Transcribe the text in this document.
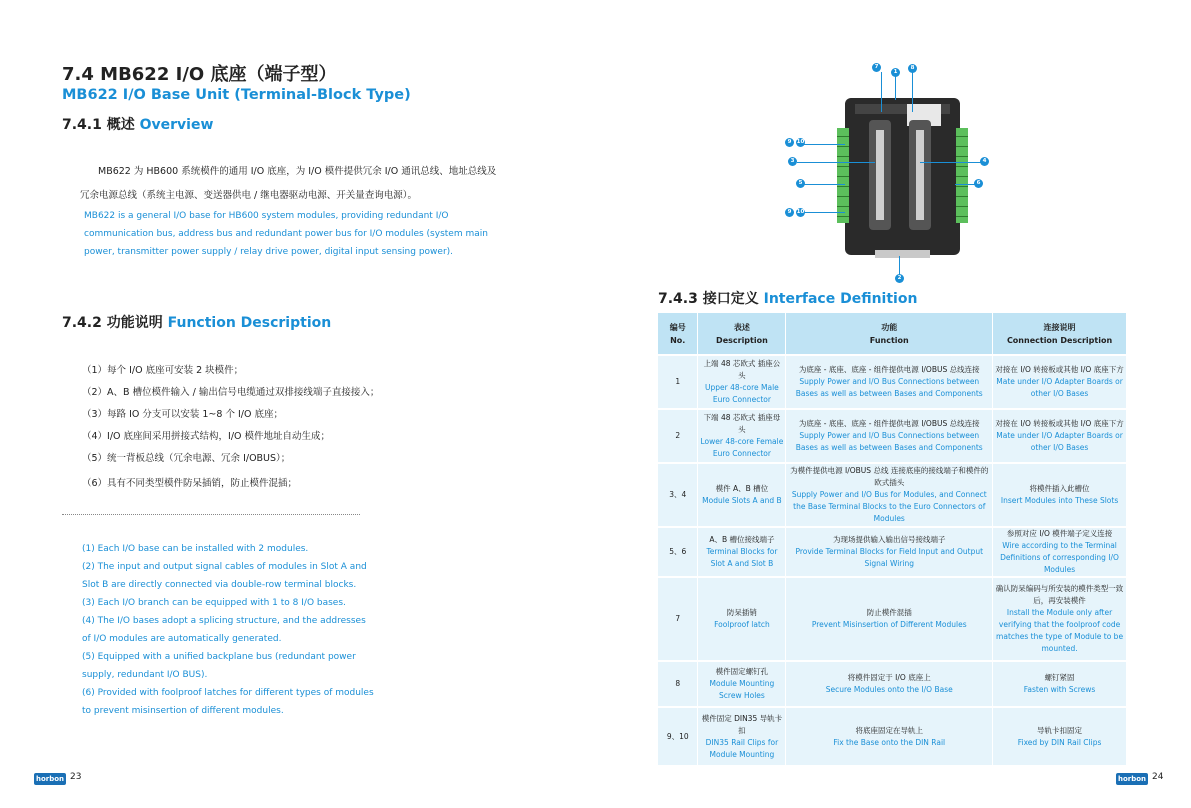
7.4 MB622 I/O 底座（端子型）
MB622 I/O Base Unit (Terminal-Block Type)
7.4.1 概述 Overview
MB622 为 HB600 系统模件的通用 I/O 底座，为 I/O 模件提供冗余 I/O 通讯总线、地址总线及
冗余电源总线（系统主电源、变送器供电 / 继电器驱动电源、开关量查询电源）。
MB622 is a general I/O base for HB600 system modules, providing redundant I/O
communication bus, address bus and redundant power bus for I/O modules (system main
power, transmitter power supply / relay drive power, digital input sensing power).
7.4.2 功能说明 Function Description
（1）每个 I/O 底座可安装 2 块模件；
（2）A、B 槽位模件输入 / 输出信号电缆通过双排接线端子直接接入；
（3）每路 IO 分支可以安装 1~8 个 I/O 底座；
（4）I/O 底座间采用拼接式结构，I/O 模件地址自动生成；
（5）统一背板总线（冗余电源、冗余 I/OBUS）；
（6）具有不同类型模件防呆插销，防止模件混插；
(1) Each I/O base can be installed with 2 modules.
(2) The input and output signal cables of modules in Slot A and
Slot B are directly connected via double-row terminal blocks.
(3) Each I/O branch can be equipped with 1 to 8 I/O bases.
(4) The I/O bases adopt a splicing structure, and the addresses
of I/O modules are automatically generated.
(5) Equipped with a unified backplane bus (redundant power
supply, redundant I/O BUS).
(6) Provided with foolproof latches for different types of modules
to prevent misinsertion of different modules.
horbon 23
7
1
8
9 10
3
5
9 10
4
6
2
7.4.3 接口定义 Interface Definition
编号
No.	表述
Description	功能
Function	连接说明
Connection Description
1	上端 48 芯欧式 插座公头
Upper 48-core Male Euro Connector	为底座 - 底座、底座 - 组件提供电源 I/OBUS 总线连接
Supply Power and I/O Bus Connections between Bases as well as between Bases and Components	对接在 I/O 转接板或其他 I/O 底座下方
Mate under I/O Adapter Boards or other I/O Bases

2	下端 48 芯欧式 插座母头
Lower 48-core Female Euro Connector	为底座 - 底座、底座 - 组件提供电源 I/OBUS 总线连接
Supply Power and I/O Bus Connections between Bases as well as between Bases and Components	对接在 I/O 转接板或其他 I/O 底座下方
Mate under I/O Adapter Boards or other I/O Bases

3、4	模件 A、B 槽位
Module Slots A and B	为模件提供电源 I/OBUS 总线 连接底座的接线端子和模件的欧式插头
Supply Power and I/O Bus for Modules, and Connect the Base Terminal Blocks to the Euro Connectors of Modules	将模件插入此槽位
Insert Modules into These Slots

5、6	A、B 槽位接线端子
Terminal Blocks for Slot A and Slot B	为现场提供输入输出信号接线端子
Provide Terminal Blocks for Field Input and Output Signal Wiring	参照对应 I/O 模件端子定义连接
Wire according to the Terminal Definitions of corresponding I/O Modules

7	防呆插销
Foolproof latch	防止模件混插
Prevent Misinsertion of Different Modules	确认防呆编码与所安装的模件类型一致后，再安装模件
Install the Module only after verifying that the foolproof code matches the type of Module to be mounted.

8	模件固定螺钉孔
Module Mounting Screw Holes	将模件固定于 I/O 底座上
Secure Modules onto the I/O Base	螺钉紧固
Fasten with Screws

9、10	模件固定 DIN35 导轨卡扣
DIN35 Rail Clips for Module Mounting	将底座固定在导轨上
Fix the Base onto the DIN Rail	导轨卡扣固定
Fixed by DIN Rail Clips
horbon 24
